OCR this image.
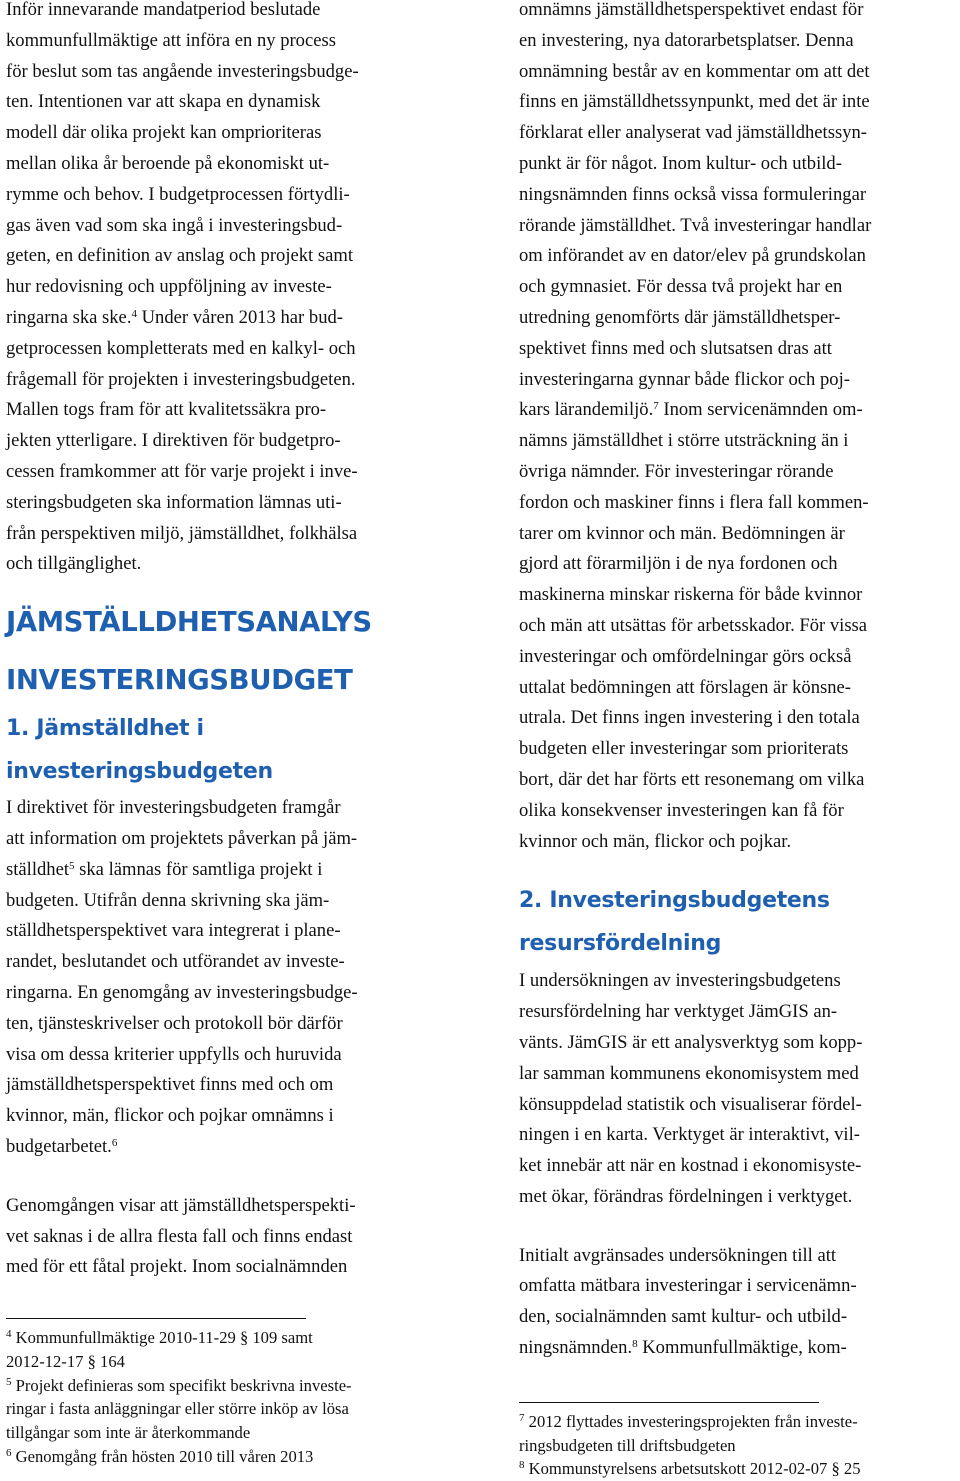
Inför innevarande mandatperiod beslutade
kommunfullmäktige att införa en ny process
för beslut som tas angående investeringsbudge-
ten. Intentionen var att skapa en dynamisk
modell där olika projekt kan omprioriteras
mellan olika år beroende på ekonomiskt ut-
rymme och behov. I budgetprocessen förtydli-
gas även vad som ska ingå i investeringsbud-
geten, en definition av anslag och projekt samt
hur redovisning och uppföljning av investe-
ringarna ska ske.$^4$ Under våren 2013 har bud-
getprocessen kompletterats med en kalkyl- och
frågemall för projekten i investeringsbudgeten.
Mallen togs fram för att kvalitetssäkra pro-
jekten ytterligare. I direktiven för budgetpro-
cessen framkommer att för varje projekt i inve-
steringsbudgeten ska information lämnas uti-
från perspektiven miljö, jämställdhet, folkhälsa
och tillgänglighet.

JÄMSTÄLLDHETSANALYS
INVESTERINGSBUDGET
1. Jämställdhet i
investeringsbudgeten

I direktivet för investeringsbudgeten framgår
att information om projektets påverkan på jäm-
ställdhet$^5$ ska lämnas för samtliga projekt i
budgeten. Utifrån denna skrivning ska jäm-
ställdhetsperspektivet vara integrerat i plane-
randet, beslutandet och utförandet av investe-
ringarna. En genomgång av investeringsbudge-
ten, tjänsteskrivelser och protokoll bör därför
visa om dessa kriterier uppfylls och huruvida
jämställdhetsperspektivet finns med och om
kvinnor, män, flickor och pojkar omnämns i
budgetarbetet.$^6$

Genomgången visar att jämställdhetsperspekti-
vet saknas i de allra flesta fall och finns endast
med för ett fåtal projekt. Inom socialnämnden

$^4$ Kommunfullmäktige 2010-11-29 § 109 samt
2012-12-17 § 164

$^5$ Projekt definieras som specifikt beskrivna investe-
ringar i fasta anläggningar eller större inköp av lösa
tillgångar som inte är återkommande

$^6$ Genomgång från hösten 2010 till våren 2013

omnämns jämställdhetsperspektivet endast för
en investering, nya datorarbetsplatser. Denna
omnämning består av en kommentar om att det
finns en jämställdhetssynpunkt, med det är inte
förklarat eller analyserat vad jämställdhetssyn-
punkt är för något. Inom kultur- och utbild-
ningsnämnden finns också vissa formuleringar
rörande jämställdhet. Två investeringar handlar
om införandet av en dator/elev på grundskolan
och gymnasiet. För dessa två projekt har en
utredning genomförts där jämställdhetsper-
spektivet finns med och slutsatsen dras att
investeringarna gynnar både flickor och poj-
kars lärandemiljö.$^7$ Inom servicenämnden om-
nämns jämställdhet i större utsträckning än i
övriga nämnder. För investeringar rörande
fordon och maskiner finns i flera fall kommen-
tarer om kvinnor och män. Bedömningen är
gjord att förarmiljön i de nya fordonen och
maskinerna minskar riskerna för både kvinnor
och män att utsättas för arbetsskador. För vissa
investeringar och omfördelningar görs också
uttalat bedömningen att förslagen är könsne-
utrala. Det finns ingen investering i den totala
budgeten eller investeringar som prioriterats
bort, där det har förts ett resonemang om vilka
olika konsekvenser investeringen kan få för
kvinnor och män, flickor och pojkar.

2. Investeringsbudgetens
resursfördelning

I undersökningen av investeringsbudgetens
resursfördelning har verktyget JämGIS an-
vänts. JämGIS är ett analysverktyg som kopp-
lar samman kommunens ekonomisystem med
könsuppdelad statistik och visualiserar fördel-
ningen i en karta. Verktyget är interaktivt, vil-
ket innebär att när en kostnad i ekonomisyste-
met ökar, förändras fördelningen i verktyget.

Initialt avgränsades undersökningen till att
omfatta mätbara investeringar i servicenämn-
den, socialnämnden samt kultur- och utbild-
ningsnämnden.$^8$ Kommunfullmäktige, kom-

$^7$ 2012 flyttades investeringsprojekten från investe-
ringsbudgeten till driftsbudgeten

$^8$ Kommunstyrelsens arbetsutskott 2012-02-07 § 25
